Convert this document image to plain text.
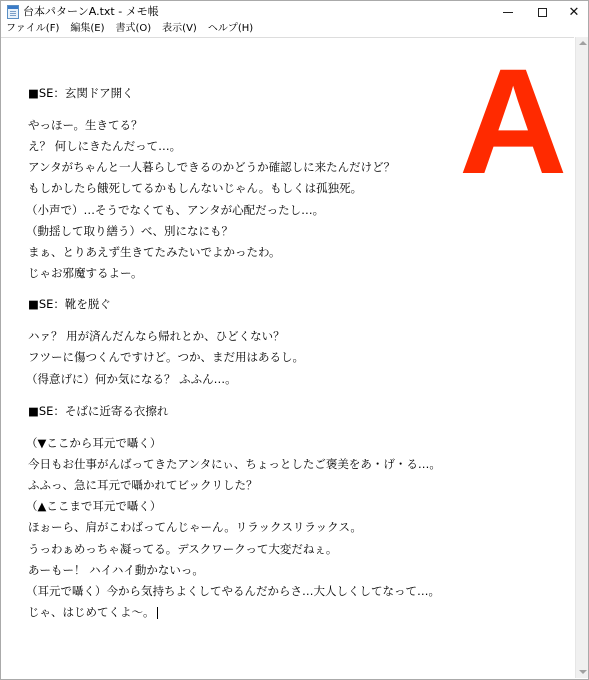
台本パターンA.txt - メモ帳	✕
ファイル(F) 編集(E) 書式(O) 表示(V) ヘルプ(H)
■SE：玄関ドア開く
やっほー。生きてる？
え？ 何しにきたんだって…。
アンタがちゃんと一人暮らしできるのかどうか確認しに来たんだけど？
もしかしたら餓死してるかもしんないじゃん。もしくは孤独死。
（小声で）…そうでなくても、アンタが心配だったし…。
（動揺して取り繕う）べ、別になにも？
まぁ、とりあえず生きてたみたいでよかったわ。
じゃお邪魔するよー。
■SE：靴を脱ぐ
ハァ？ 用が済んだんなら帰れとか、ひどくない？
フツーに傷つくんですけど。つか、まだ用はあるし。
（得意げに）何か気になる？ ふふん…。
■SE：そばに近寄る衣擦れ
（▼ここから耳元で囁く）
今日もお仕事がんばってきたアンタにぃ、ちょっとしたご褒美をあ・げ・る…。
ふふっ、急に耳元で囁かれてビックリした？
（▲ここまで耳元で囁く）
ほぉーら、肩がこわばってんじゃーん。リラックスリラックス。
うっわぁめっちゃ凝ってる。デスクワークって大変だねぇ。
あーもー！ ハイハイ動かないっ。
（耳元で囁く）今から気持ちよくしてやるんだからさ…大人しくしてなって…。
じゃ、はじめてくよ〜。
A
